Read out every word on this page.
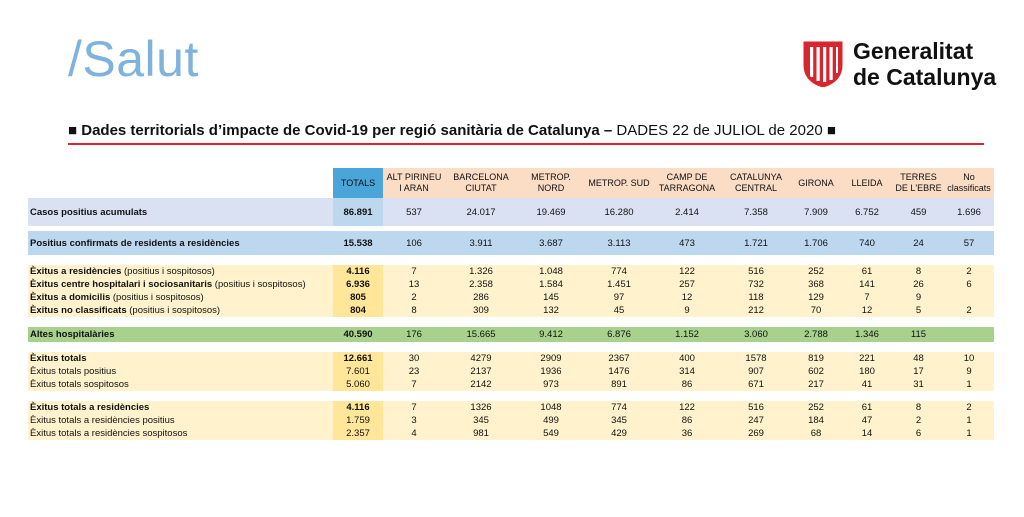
/Salut	Generalitat
de Catalunya
■ Dades territorials d’impacte de Covid-19 per regió sanitària de Catalunya – DADES 22 de JULIOL de 2020 ■
	TOTALS	ALT PIRINEU I ARAN	BARCELONA CIUTAT	METROP. NORD	METROP. SUD	CAMP DE TARRAGONA	CATALUNYA CENTRAL	GIRONA	LLEIDA	TERRES DE L'EBRE	No classificats
Casos positius acumulats	86.891	537	24.017	19.469	16.280	2.414	7.358	7.909	6.752	459	1.696

Positius confirmats de residents a residències	15.538	106	3.911	3.687	3.113	473	1.721	1.706	740	24	57

Èxitus a residències (positius i sospitosos)	4.116	7	1.326	1.048	774	122	516	252	61	8	2
Èxitus centre hospitalari i sociosanitaris (positius i sospitosos)	6.936	13	2.358	1.584	1.451	257	732	368	141	26	6
Èxitus a domicilis (positius i sospitosos)	805	2	286	145	97	12	118	129	7	9	
Èxitus no classificats (positius i sospitosos)	804	8	309	132	45	9	212	70	12	5	2

Altes hospitalàries	40.590	176	15.665	9.412	6.876	1.152	3.060	2.788	1.346	115	

Èxitus totals	12.661	30	4279	2909	2367	400	1578	819	221	48	10
Èxitus totals positius	7.601	23	2137	1936	1476	314	907	602	180	17	9
Èxitus totals sospitosos	5.060	7	2142	973	891	86	671	217	41	31	1

Èxitus totals a residències	4.116	7	1326	1048	774	122	516	252	61	8	2
Èxitus totals a residències positius	1.759	3	345	499	345	86	247	184	47	2	1
Èxitus totals a residències sospitosos	2.357	4	981	549	429	36	269	68	14	6	1
